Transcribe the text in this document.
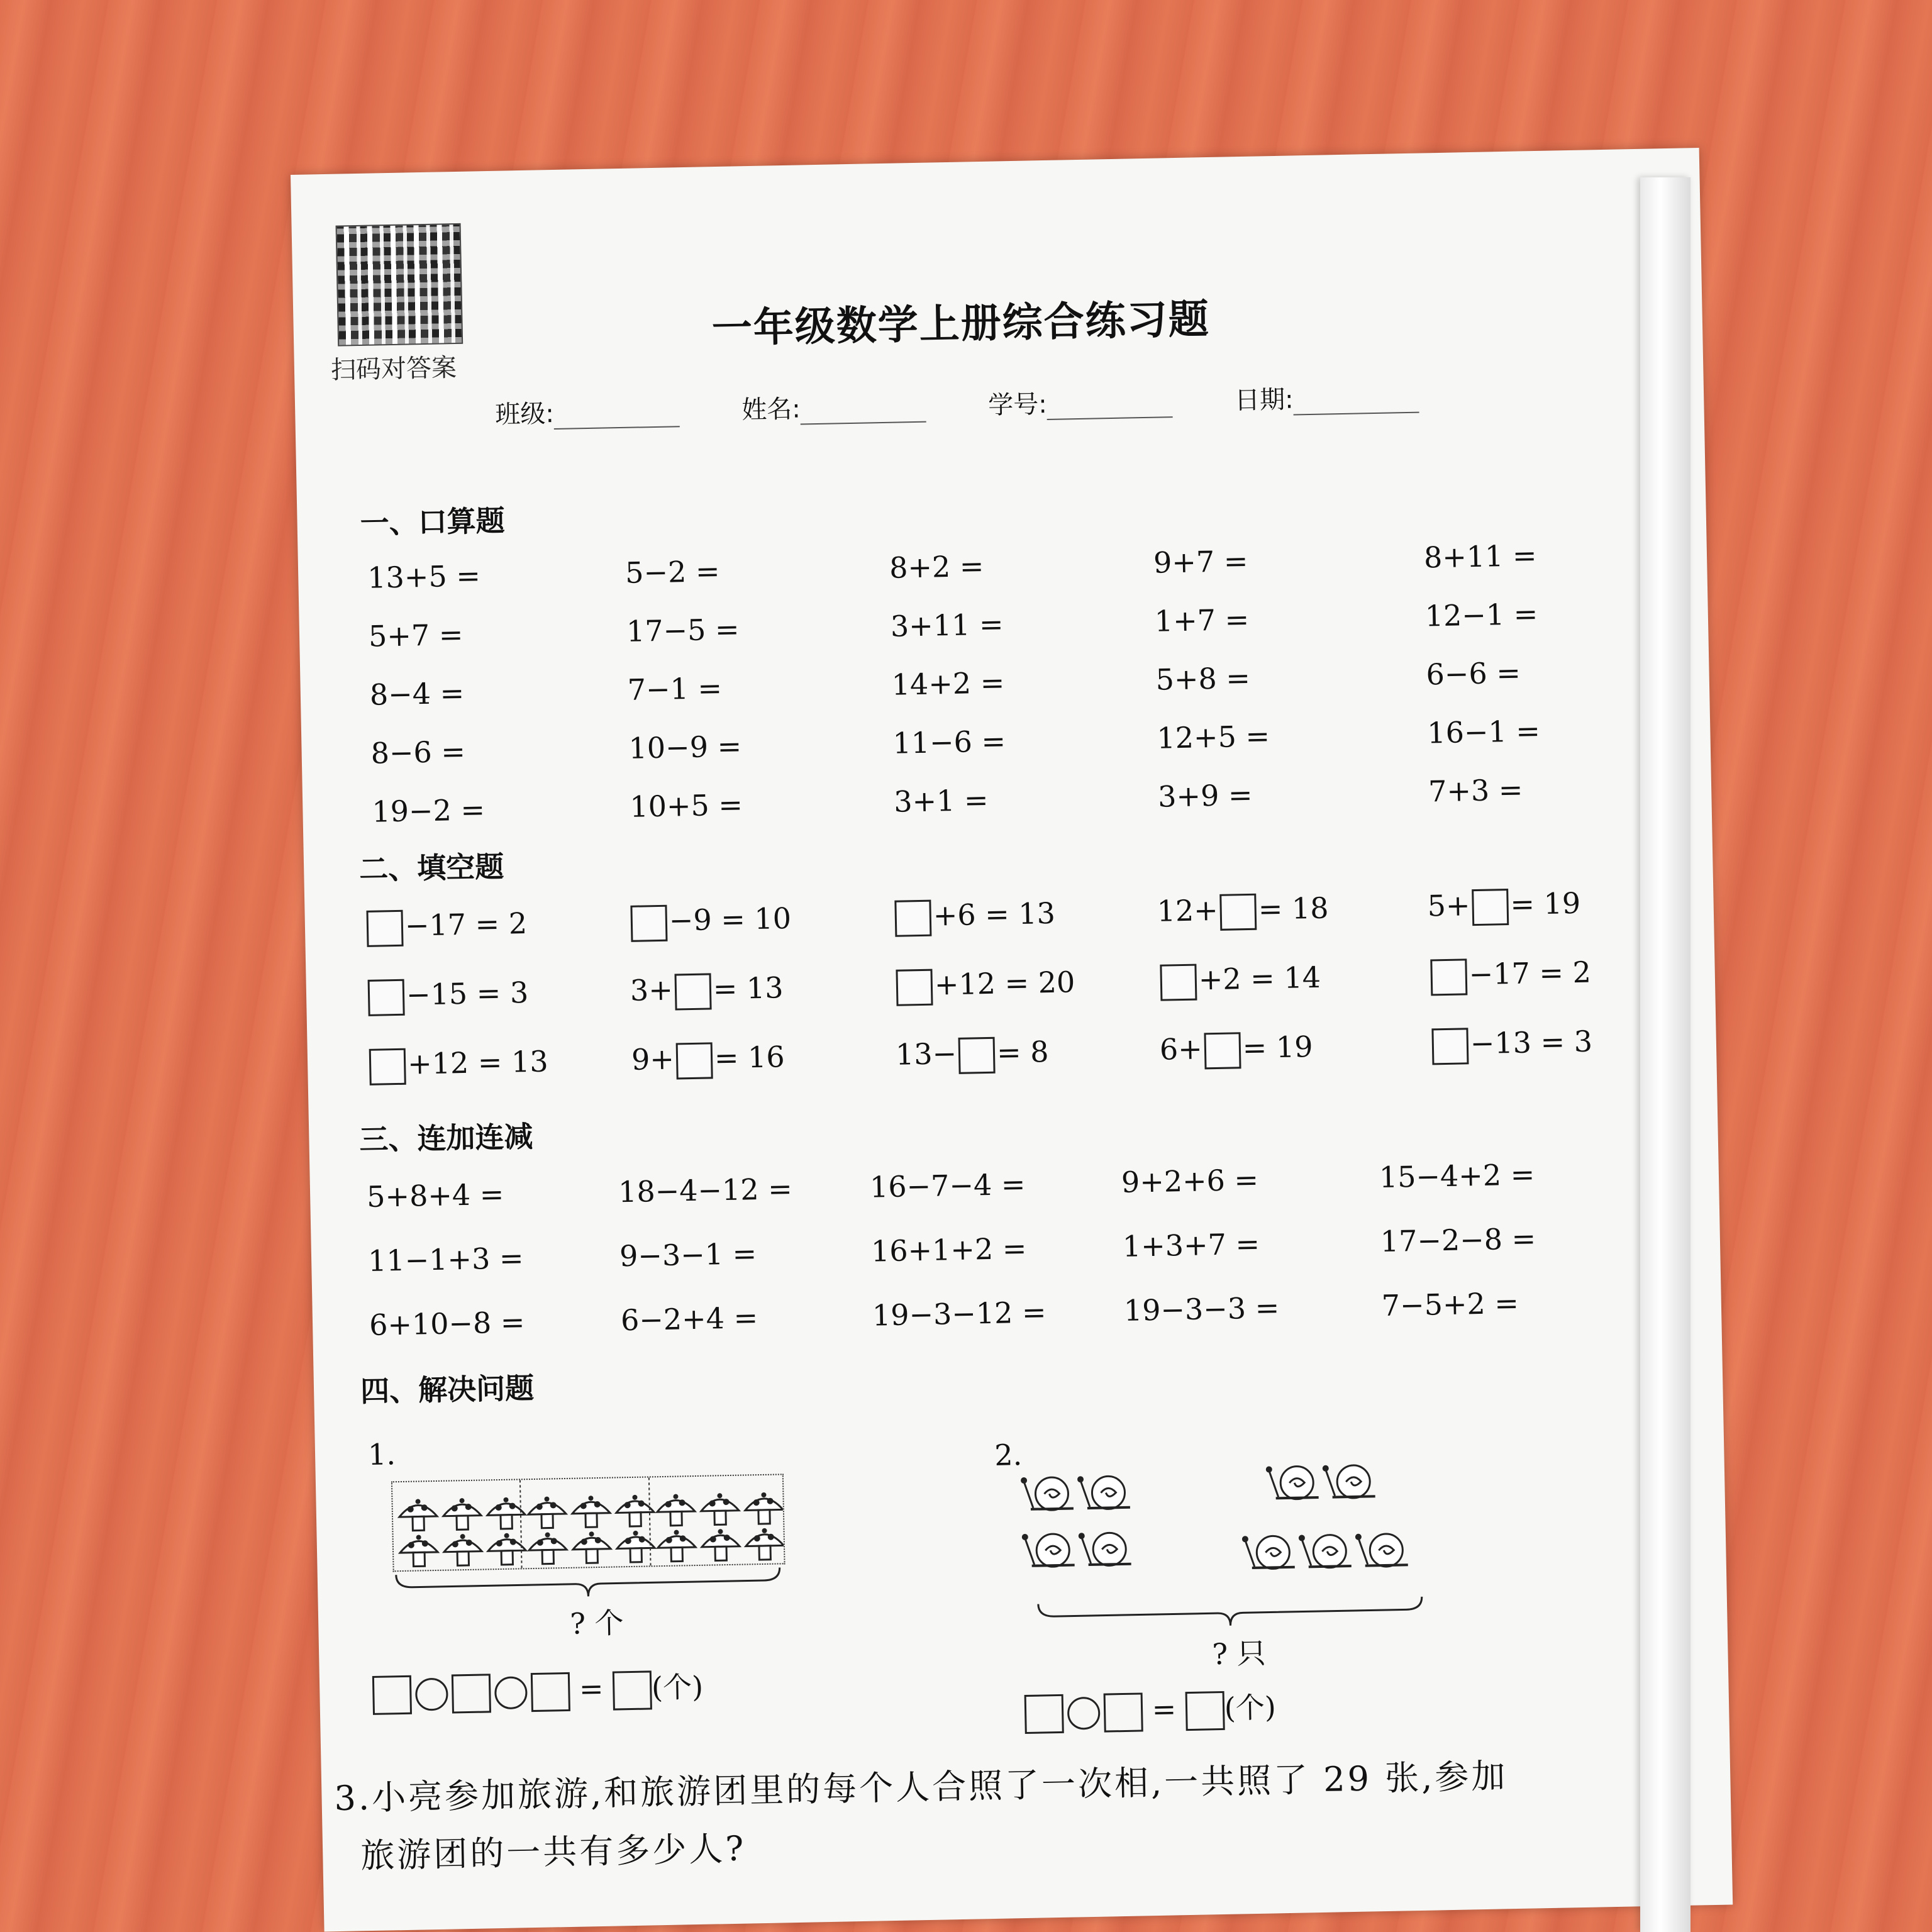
扫码对答案
一年级数学上册综合练习题
班级:	姓名:	学号:	日期:
一、口算题
13+5 =	5−2 =	8+2 =	9+7 =	8+11 =
5+7 =	17−5 =	3+11 =	1+7 =	12−1 =
8−4 =	7−1 =	14+2 =	5+8 =	6−6 =
8−6 =	10−9 =	11−6 =	12+5 =	16−1 =
19−2 =	10+5 =	3+1 =	3+9 =	7+3 =
二、填空题
−17 = 2	−9 = 10	+6 = 13	12+ = 18	5+ = 19
−15 = 3	3+ = 13	+12 = 20	+2 = 14	−17 = 2
+12 = 13	9+ = 16	13− = 8	6+ = 19	−13 = 3
三、连加连减
5+8+4 =	18−4−12 =	16−7−4 =	9+2+6 =	15−4+2 =
11−1+3 =	9−3−1 =	16+1+2 =	1+3+7 =	17−2−8 =
6+10−8 =	6−2+4 =	19−3−12 =	19−3−3 =	7−5+2 =
四、解决问题
1.
? 个
= (个)
2.
? 只
= (个)
3.小亮参加旅游,和旅游团里的每个人合照了一次相,一共照了 29 张,参加
旅游团的一共有多少人?
